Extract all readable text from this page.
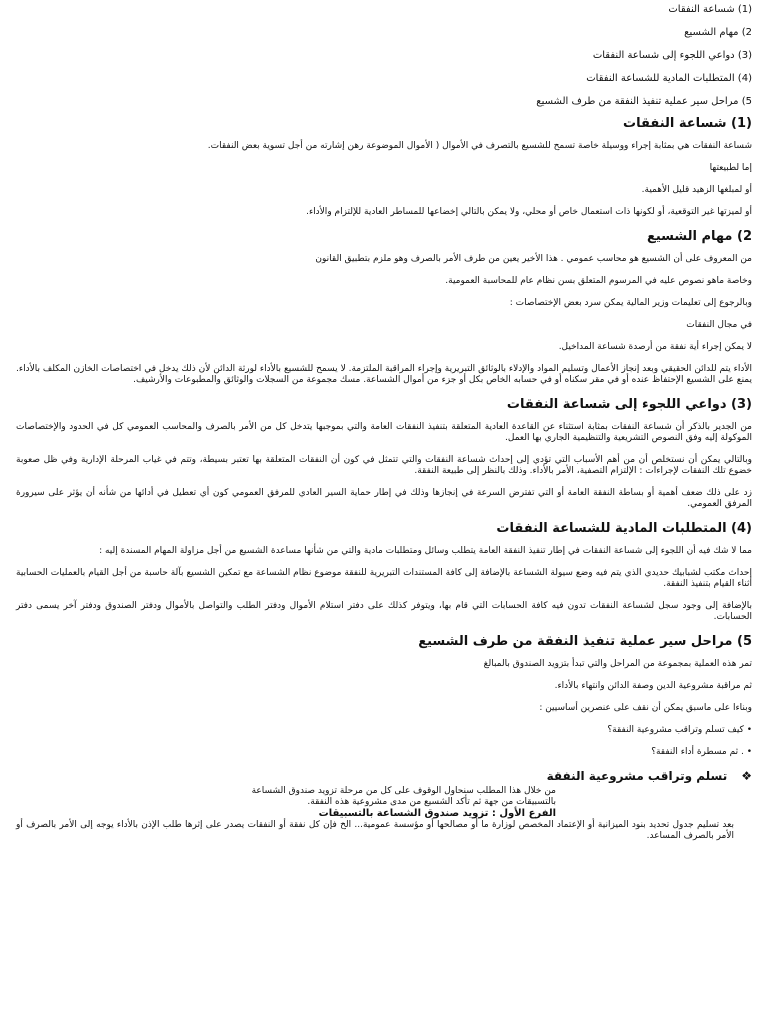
(1) شساعة النفقات
2) مهام الشسيع
(3) دواعي اللجوء إلى شساعة النفقات
(4) المتطلبات المادية للشساعة النفقات
5) مراحل سير عملية تنفيذ النفقة من طرف الشسيع
(1) شساعة النفقات

شساعة النفقات هي بمثابة إجراء ووسيلة خاصة تسمح للشسيع بالتصرف في الأموال ( الأموال الموضوعة رهن إشارته من أجل تسوية بعض النفقات.

إما لطبيعتها

أو لمبلغها الزهيد قليل الأهمية.

أو لميزتها غير التوقعية، أو لكونها ذات استعمال خاص أو محلي، ولا يمكن بالتالي إخضاعها للمساطر العادية للإلتزام والأداء.

2) مهام الشسيع

من المعروف على أن الشسيع هو محاسب عمومي . هذا الأخير يعين من طرف الأمر بالصرف وهو ملزم بتطبيق القانون

وخاصة ماهو نصوص عليه في المرسوم المتعلق بسن نظام عام للمحاسبة العمومية.

وبالرجوع إلى تعليمات وزير المالية يمكن سرد بعض الإختصاصات :

في مجال النفقات

لا يمكن إجراء أية نفقة من أرصدة شساعة المداخيل.

الأداء يتم للدائن الحقيقي وبعد إنجاز الأعمال وتسليم المواد والإدلاء بالوثائق التبريرية وإجراء المراقبة الملتزمة. لا يسمح للشسيع بالأداء لورثة الدائن لأن ذلك يدخل في اختصاصات الخازن المكلف بالأداء. يمنع على الشسيع الإحتفاظ عنده أو في مقر سكناه أو في حسابه الخاص بكل أو جزء من أموال الشساعة. مسك مجموعة من السجلات والوثائق والمطبوعات والأرشيف.

(3) دواعي اللجوء إلى شساعة النفقات

من الجدير بالذكر أن شساعة النفقات بمثابة استثناء عن القاعدة العادية المتعلقة بتنفيذ النفقات العامة والتي بموجبها يتدخل كل من الأمر بالصرف والمحاسب العمومي كل في الحدود والإختصاصات الموكولة إليه وفق النصوص التشريعية والتنظيمية الجاري بها العمل.

وبالتالي يمكن أن نستخلص أن من أهم الأسباب التي تؤدي إلى إحداث شساعة النفقات والتي تتمثل في كون أن النفقات المتعلقة بها تعتبر بسيطة، وتتم في غياب المرحلة الإدارية وفي ظل صعوبة خضوع تلك النفقات لإجراءات : الإلتزام التصفية، الأمر بالأداء. وذلك بالنظر إلى طبيعة النفقة.

زد على ذلك ضعف أهمية أو بساطة النفقة العامة أو التي تفترض السرعة في إنجازها وذلك في إطار حماية السير العادي للمرفق العمومي كون أي تعطيل في أدائها من شأنه أن يؤثر على سيرورة المرفق العمومي.

(4) المتطلبات المادية للشساعة النفقات

مما لا شك فيه أن اللجوء إلى شساعة النفقات في إطار تنفيذ النفقة العامة يتطلب وسائل ومتطلبات مادية والتي من شأنها مساعدة الشسيع من أجل مزاولة المهام المسندة إليه :

إحداث مكتب لشبابيك حديدي الذي يتم فيه وضع سيولة الشساعة بالإضافة إلى كافة المستندات التبريرية للنفقة موضوع نظام الشساعة مع تمكين الشسيع بآلة حاسبة من أجل القيام بالعمليات الحسابية أثناء القيام بتنفيذ النفقة.

بالإضافة إلى وجود سجل لشساعة النفقات تدون فيه كافة الحسابات التي قام بها، ويتوفر كذلك على دفتر استلام الأموال ودفتر الطلب والتواصل بالأموال ودفتر الصندوق ودفتر آخر يسمى دفتر الحسابات.

5) مراحل سير عملية تنفيذ النفقة من طرف الشسيع

تمر هذه العملية بمجموعة من المراحل والتي تبدأ بتزويد الصندوق بالمبالغ

ثم مراقبة مشروعية الدين وصفة الدائن وانتهاء بالأداء.

وبناءا على ماسبق يمكن أن نقف على عنصرين أساسيين :

• كيف تسلم وتراقب مشروعية النفقة؟
• . ثم مسطرة أداء النفقة؟
❖تسلم وتراقب مشروعية النفقة

من خلال هذا المطلب سنحاول الوقوف على كل من مرحلة تزويد صندوق الشساعة

بالتسبيقات من جهة ثم تأكد الشسيع من مدى مشروعية هذه النفقة.

الفرع الأول : تزويد صندوق الشساعة بالتسبيقات

بعد تسليم جدول تحديد بنود الميزانية أو الإعتماد المخصص لوزارة ما أو مصالحها أو مؤسسة عمومية... الخ فإن كل نفقة أو النفقات يصدر على إثرها طلب الإذن بالأداء يوجه إلى الأمر بالصرف أو الأمر بالصرف المساعد.
